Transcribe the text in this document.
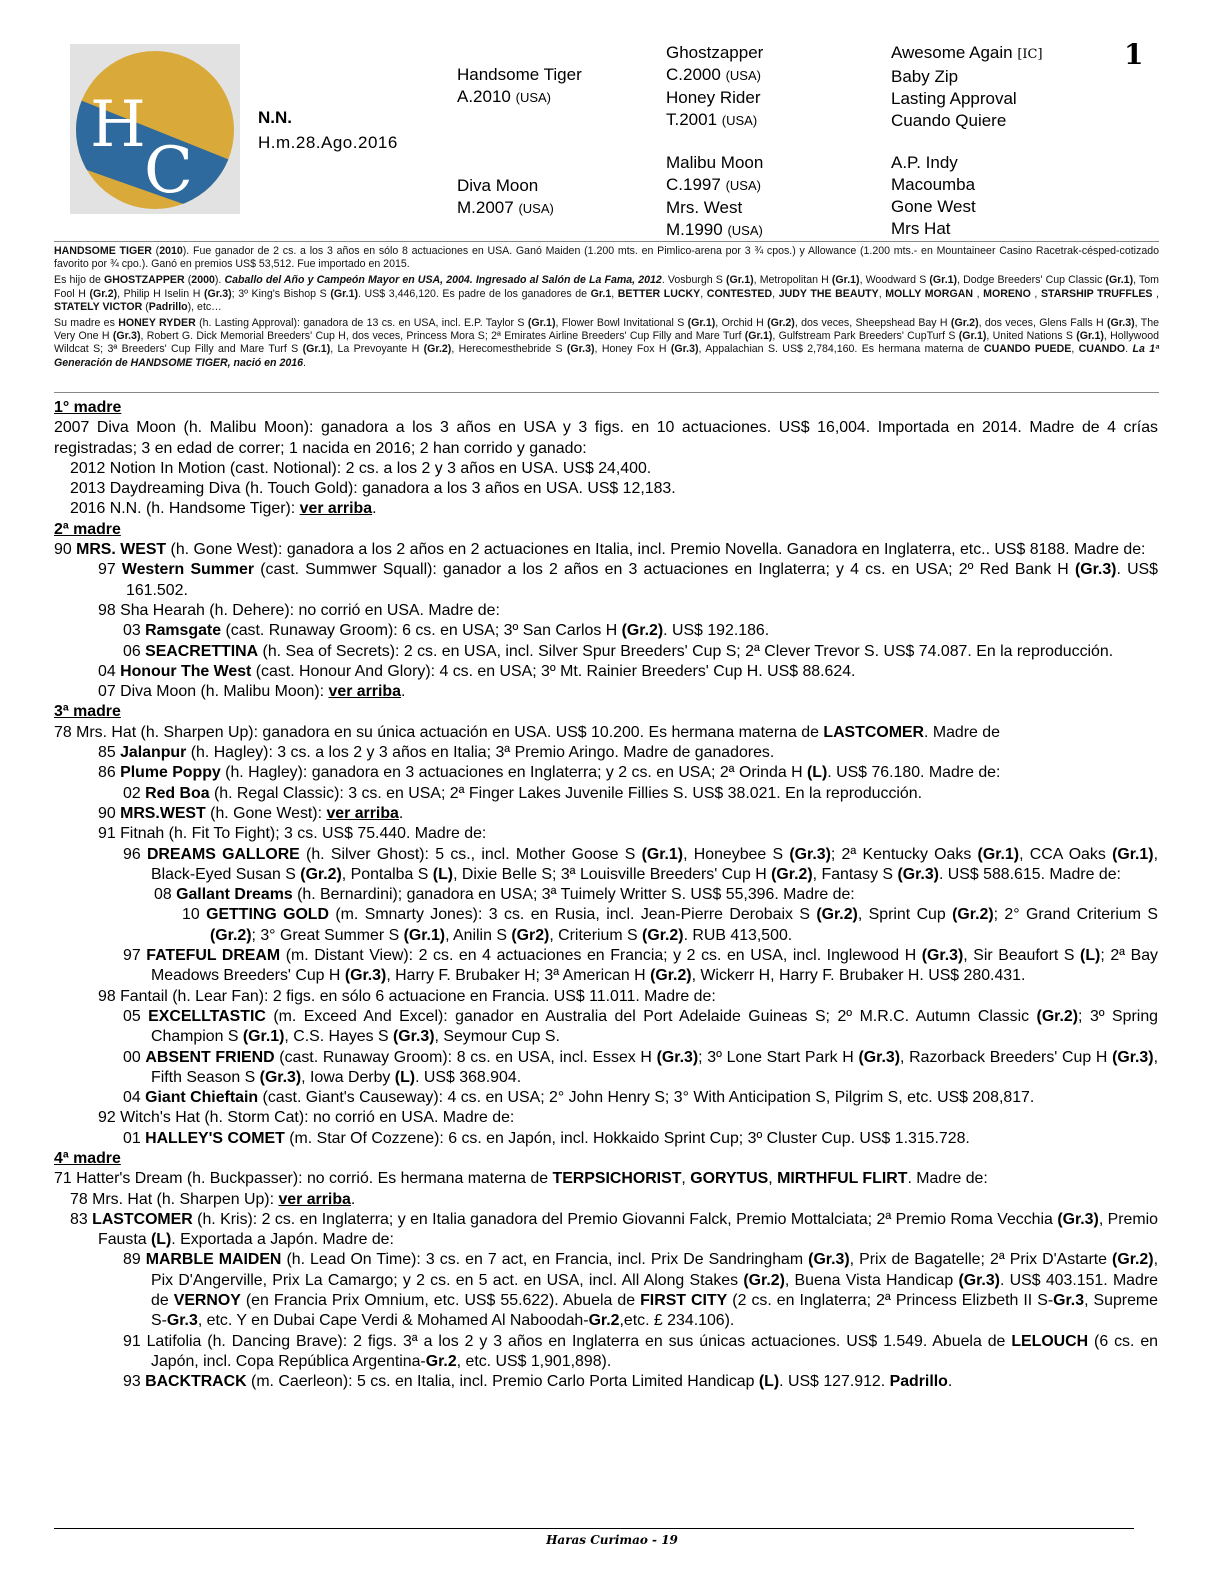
H
C
1
N.N.
H.m.28.Ago.2016
Handsome Tiger
A.2010 (USA)
Diva Moon
M.2007 (USA)
Ghostzapper
C.2000 (USA)
Honey Rider
T.2001 (USA)
Malibu Moon
C.1997 (USA)
Mrs. West
M.1990 (USA)
Awesome Again [IC]
Baby Zip
Lasting Approval
Cuando Quiere
A.P. Indy
Macoumba
Gone West
Mrs Hat

HANDSOME TIGER (2010). Fue ganador de 2 cs. a los 3 años en sólo 8 actuaciones en USA. Ganó Maiden (1.200 mts. en Pimlico-arena por 3 ¾ cpos.) y Allowance (1.200 mts.- en Mountaineer Casino Racetrak-césped-cotizado favorito por ¾ cpo.). Ganó en premios US$ 53,512. Fue importado en 2015.

Es hijo de GHOSTZAPPER (2000). Caballo del Año y Campeón Mayor en USA, 2004. Ingresado al Salón de La Fama, 2012. Vosburgh S (Gr.1), Metropolitan H (Gr.1), Woodward S (Gr.1), Dodge Breeders' Cup Classic (Gr.1), Tom Fool H (Gr.2), Philip H Iselin H (Gr.3); 3º King's Bishop S (Gr.1). US$ 3,446,120. Es padre de los ganadores de Gr.1, BETTER LUCKY, CONTESTED, JUDY THE BEAUTY, MOLLY MORGAN , MORENO , STARSHIP TRUFFLES , STATELY VICTOR (Padrillo), etc…

Su madre es HONEY RYDER (h. Lasting Approval): ganadora de 13 cs. en USA, incl. E.P. Taylor S (Gr.1), Flower Bowl Invitational S (Gr.1), Orchid H (Gr.2), dos veces, Sheepshead Bay H (Gr.2), dos veces, Glens Falls H (Gr.3), The Very One H (Gr.3), Robert G. Dick Memorial Breeders' Cup H, dos veces, Princess Mora S; 2ª Emirates Airline Breeders' Cup Filly and Mare Turf (Gr.1), Gulfstream Park Breeders' CupTurf S (Gr.1), United Nations S (Gr.1), Hollywood Wildcat S; 3ª Breeders' Cup Filly and Mare Turf S (Gr.1), La Prevoyante H (Gr.2), Herecomesthebride S (Gr.3), Honey Fox H (Gr.3), Appalachian S. US$ 2,784,160. Es hermana materna de CUANDO PUEDE, CUANDO. La 1ª Generación de HANDSOME TIGER, nació en 2016.

1° madre

2007 Diva Moon (h. Malibu Moon): ganadora a los 3 años en USA y 3 figs. en 10 actuaciones. US$ 16,004. Importada en 2014. Madre de 4 crías registradas; 3 en edad de correr; 1 nacida en 2016; 2 han corrido y ganado:

2012 Notion In Motion (cast. Notional): 2 cs. a los 2 y 3 años en USA. US$ 24,400.

2013 Daydreaming Diva (h. Touch Gold): ganadora a los 3 años en USA. US$ 12,183.

2016 N.N. (h. Handsome Tiger): ver arriba.

2ª madre

90 MRS. WEST (h. Gone West): ganadora a los 2 años en 2 actuaciones en Italia, incl. Premio Novella. Ganadora en Inglaterra, etc.. US$ 8188. Madre de:

97 Western Summer (cast. Summwer Squall): ganador a los 2 años en 3 actuaciones en Inglaterra; y 4 cs. en USA; 2º Red Bank H (Gr.3). US$ 161.502.

98 Sha Hearah (h. Dehere): no corrió en USA. Madre de:

03 Ramsgate (cast. Runaway Groom): 6 cs. en USA; 3º San Carlos H (Gr.2). US$ 192.186.

06 SEACRETTINA (h. Sea of Secrets): 2 cs. en USA, incl. Silver Spur Breeders' Cup S; 2ª Clever Trevor S. US$ 74.087. En la reproducción.

04 Honour The West (cast. Honour And Glory): 4 cs. en USA; 3º Mt. Rainier Breeders' Cup H. US$ 88.624.

07 Diva Moon (h. Malibu Moon): ver arriba.

3ª madre

78 Mrs. Hat (h. Sharpen Up): ganadora en su única actuación en USA. US$ 10.200. Es hermana materna de LASTCOMER. Madre de

85 Jalanpur (h. Hagley): 3 cs. a los 2 y 3 años en Italia; 3ª Premio Aringo. Madre de ganadores.

86 Plume Poppy (h. Hagley): ganadora en 3 actuaciones en Inglaterra; y 2 cs. en USA; 2ª Orinda H (L). US$ 76.180. Madre de:

02 Red Boa (h. Regal Classic): 3 cs. en USA; 2ª Finger Lakes Juvenile Fillies S. US$ 38.021. En la reproducción.

90 MRS.WEST (h. Gone West): ver arriba.

91 Fitnah (h. Fit To Fight); 3 cs. US$ 75.440. Madre de:

96 DREAMS GALLORE (h. Silver Ghost): 5 cs., incl. Mother Goose S (Gr.1), Honeybee S (Gr.3); 2ª Kentucky Oaks (Gr.1), CCA Oaks (Gr.1), Black-Eyed Susan S (Gr.2), Pontalba S (L), Dixie Belle S; 3ª Louisville Breeders' Cup H (Gr.2), Fantasy S (Gr.3). US$ 588.615. Madre de:

08 Gallant Dreams (h. Bernardini); ganadora en USA; 3ª Tuimely Writter S. US$ 55,396. Madre de:

10 GETTING GOLD (m. Smnarty Jones): 3 cs. en Rusia, incl. Jean-Pierre Derobaix S (Gr.2), Sprint Cup (Gr.2); 2° Grand Criterium S (Gr.2); 3° Great Summer S (Gr.1), Anilin S (Gr2), Criterium S (Gr.2). RUB 413,500.

97 FATEFUL DREAM (m. Distant View): 2 cs. en 4 actuaciones en Francia; y 2 cs. en USA, incl. Inglewood H (Gr.3), Sir Beaufort S (L); 2ª Bay Meadows Breeders' Cup H (Gr.3), Harry F. Brubaker H; 3ª American H (Gr.2), Wickerr H, Harry F. Brubaker H. US$ 280.431.

98 Fantail (h. Lear Fan): 2 figs. en sólo 6 actuacione en Francia. US$ 11.011. Madre de:

05 EXCELLTASTIC (m. Exceed And Excel): ganador en Australia del Port Adelaide Guineas S; 2º M.R.C. Autumn Classic (Gr.2); 3º Spring Champion S (Gr.1), C.S. Hayes S (Gr.3), Seymour Cup S.

00 ABSENT FRIEND (cast. Runaway Groom): 8 cs. en USA, incl. Essex H (Gr.3); 3º Lone Start Park H (Gr.3), Razorback Breeders' Cup H (Gr.3), Fifth Season S (Gr.3), Iowa Derby (L). US$ 368.904.

04 Giant Chieftain (cast. Giant's Causeway): 4 cs. en USA; 2° John Henry S; 3° With Anticipation S, Pilgrim S, etc. US$ 208,817.

92 Witch's Hat (h. Storm Cat): no corrió en USA. Madre de:

01 HALLEY'S COMET (m. Star Of Cozzene): 6 cs. en Japón, incl. Hokkaido Sprint Cup; 3º Cluster Cup. US$ 1.315.728.

4ª madre

71 Hatter's Dream (h. Buckpasser): no corrió. Es hermana materna de TERPSICHORIST, GORYTUS, MIRTHFUL FLIRT. Madre de:

78 Mrs. Hat (h. Sharpen Up): ver arriba.

83 LASTCOMER (h. Kris): 2 cs. en Inglaterra; y en Italia ganadora del Premio Giovanni Falck, Premio Mottalciata; 2ª Premio Roma Vecchia (Gr.3), Premio Fausta (L). Exportada a Japón. Madre de:

89 MARBLE MAIDEN (h. Lead On Time): 3 cs. en 7 act, en Francia, incl. Prix De Sandringham (Gr.3), Prix de Bagatelle; 2ª Prix D'Astarte (Gr.2), Pix D'Angerville, Prix La Camargo; y 2 cs. en 5 act. en USA, incl. All Along Stakes (Gr.2), Buena Vista Handicap (Gr.3). US$ 403.151. Madre de VERNOY (en Francia Prix Omnium, etc. US$ 55.622). Abuela de FIRST CITY (2 cs. en Inglaterra; 2ª Princess Elizbeth II S-Gr.3, Supreme S-Gr.3, etc. Y en Dubai Cape Verdi & Mohamed Al Naboodah-Gr.2,etc. £ 234.106).

91 Latifolia (h. Dancing Brave): 2 figs. 3ª a los 2 y 3 años en Inglaterra en sus únicas actuaciones. US$ 1.549. Abuela de LELOUCH (6 cs. en Japón, incl. Copa República Argentina-Gr.2, etc. US$ 1,901,898).

93 BACKTRACK (m. Caerleon): 5 cs. en Italia, incl. Premio Carlo Porta Limited Handicap (L). US$ 127.912. Padrillo.

Haras Curimao - 19
